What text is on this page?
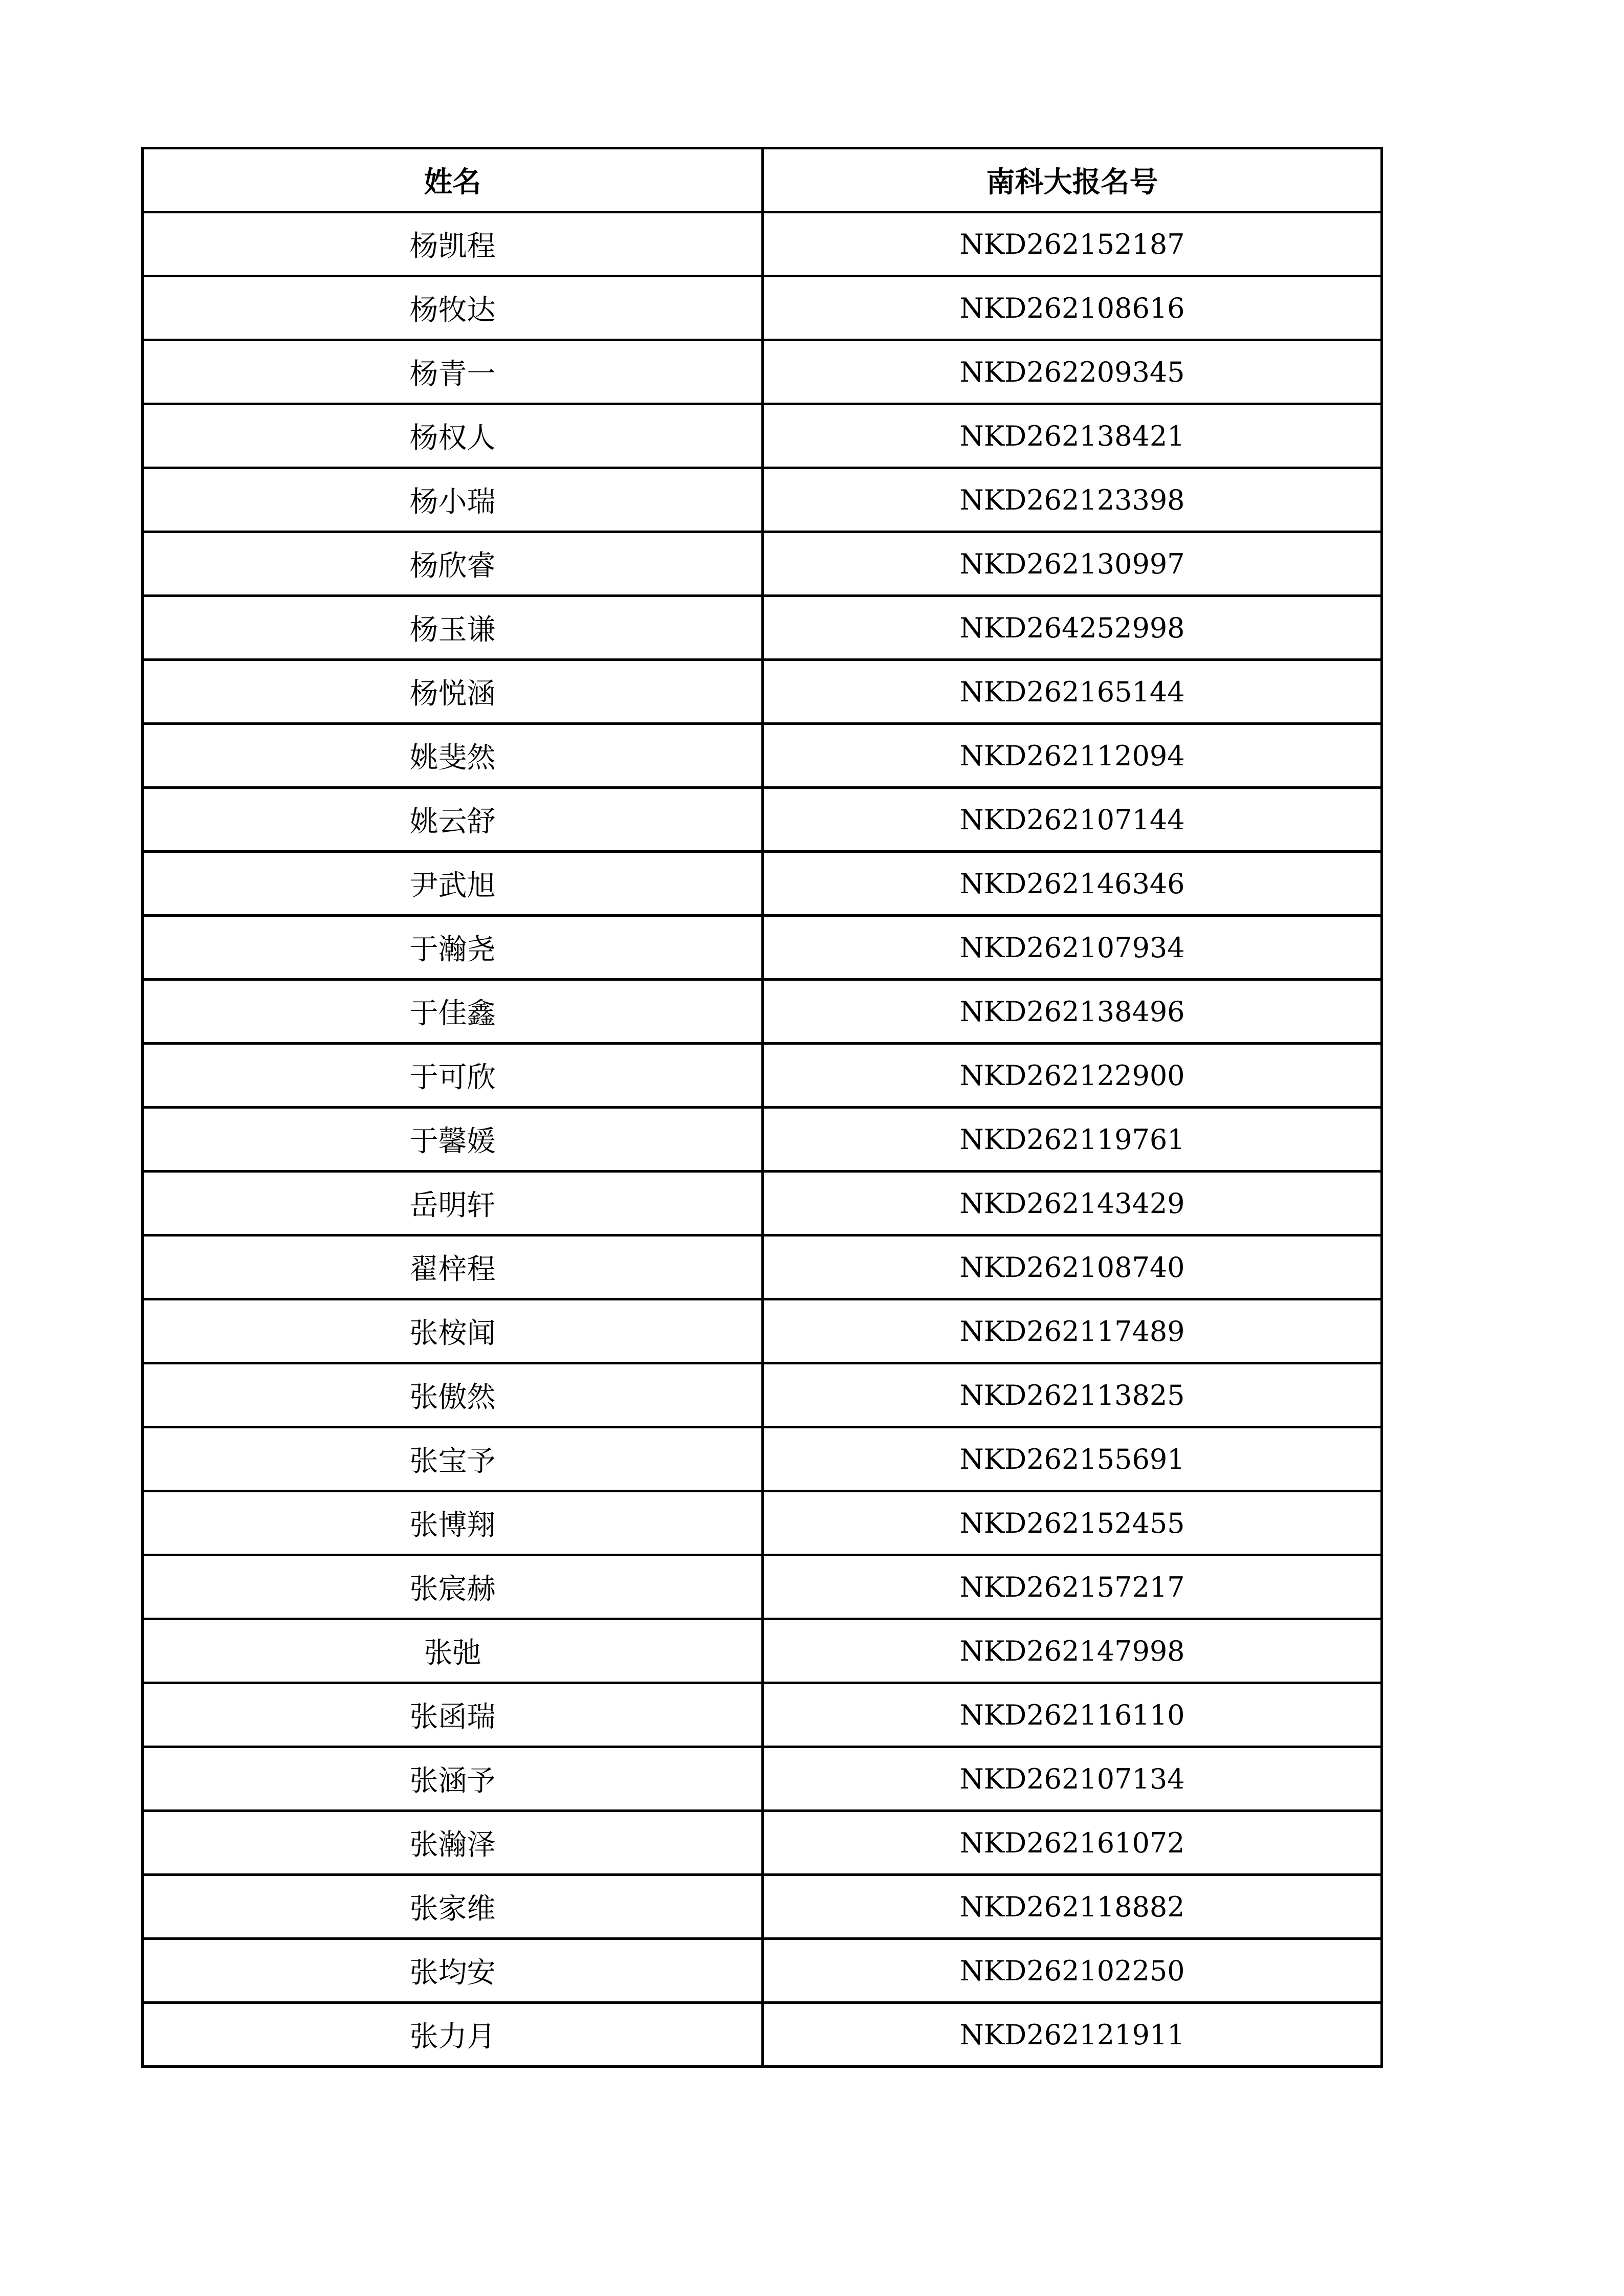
姓名	南科大报名号
杨凯程	NKD262152187
杨牧达	NKD262108616
杨青一	NKD262209345
杨权人	NKD262138421
杨小瑞	NKD262123398
杨欣睿	NKD262130997
杨玉谦	NKD264252998
杨悦涵	NKD262165144
姚斐然	NKD262112094
姚云舒	NKD262107144
尹武旭	NKD262146346
于瀚尧	NKD262107934
于佳鑫	NKD262138496
于可欣	NKD262122900
于馨媛	NKD262119761
岳明轩	NKD262143429
翟梓程	NKD262108740
张桉闻	NKD262117489
张傲然	NKD262113825
张宝予	NKD262155691
张博翔	NKD262152455
张宸赫	NKD262157217
张弛	NKD262147998
张函瑞	NKD262116110
张涵予	NKD262107134
张瀚泽	NKD262161072
张家维	NKD262118882
张均安	NKD262102250
张力月	NKD262121911
